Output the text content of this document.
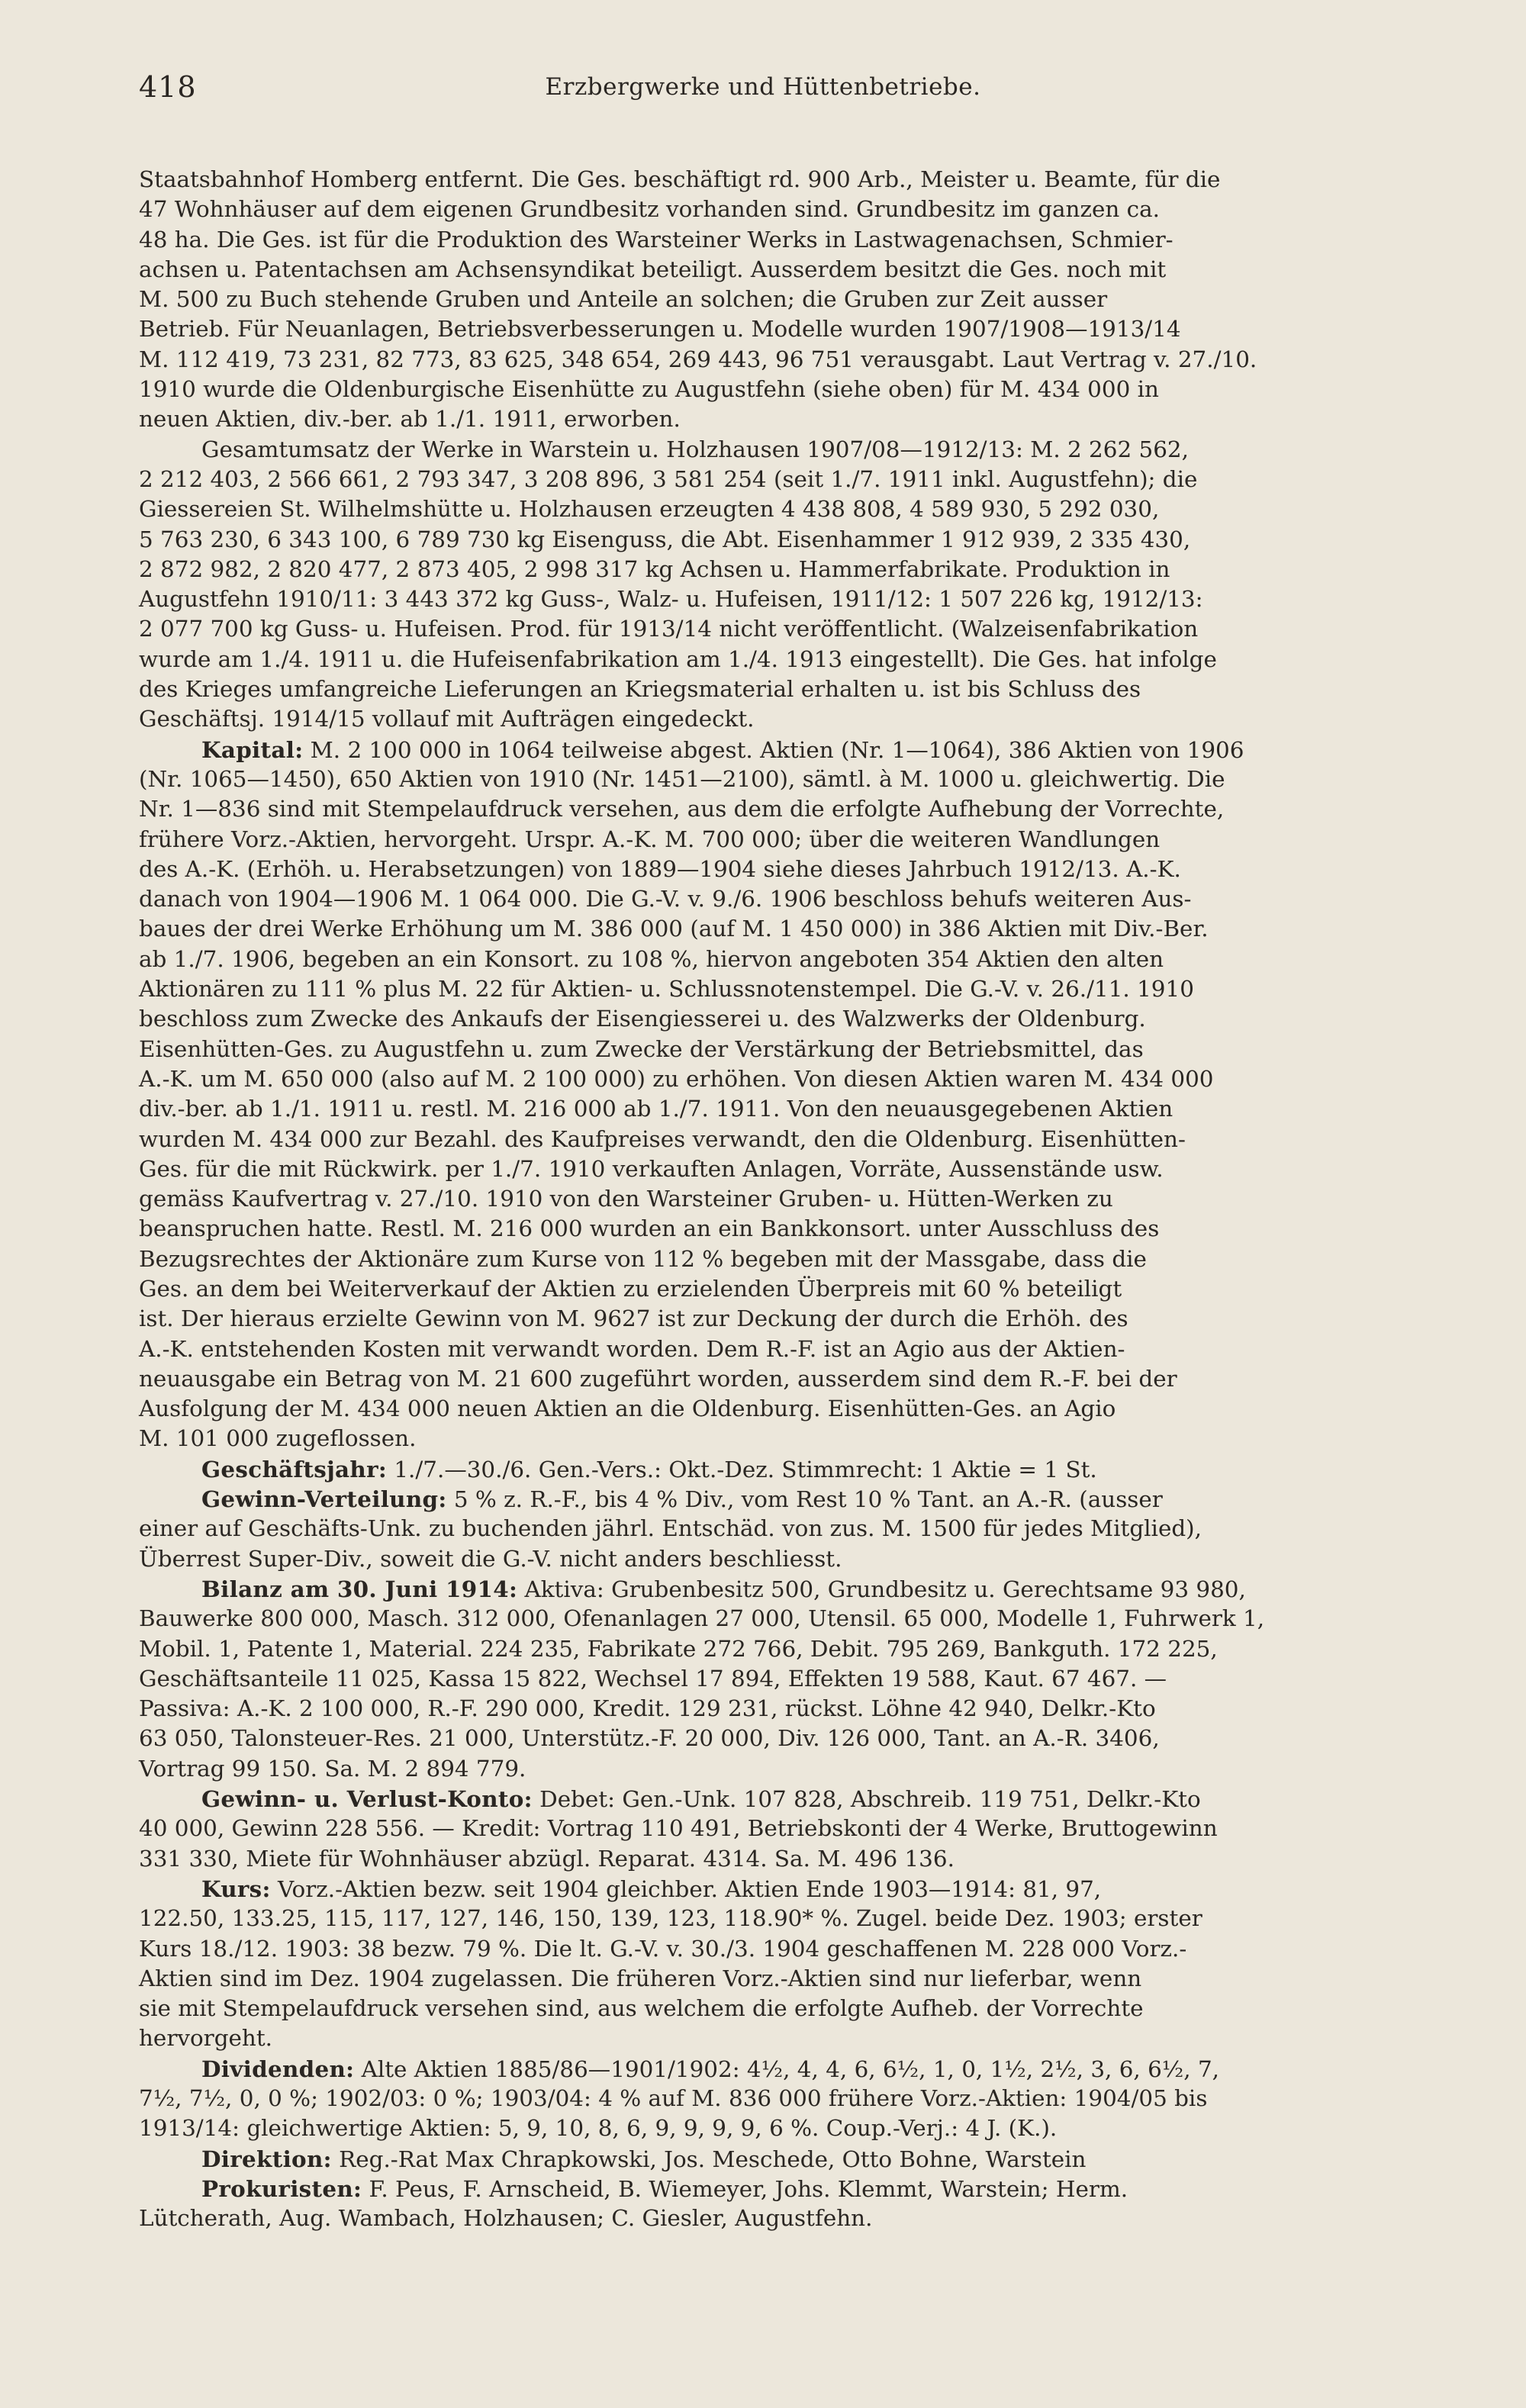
418	Erzbergwerke und Hüttenbetriebe.
Staatsbahnhof Homberg entfernt. Die Ges. beschäftigt rd. 900 Arb., Meister u. Beamte, für die
47 Wohnhäuser auf dem eigenen Grundbesitz vorhanden sind. Grundbesitz im ganzen ca.
48 ha. Die Ges. ist für die Produktion des Warsteiner Werks in Lastwagenachsen, Schmier-
achsen u. Patentachsen am Achsensyndikat beteiligt. Ausserdem besitzt die Ges. noch mit
M. 500 zu Buch stehende Gruben und Anteile an solchen; die Gruben zur Zeit ausser
Betrieb. Für Neuanlagen, Betriebsverbesserungen u. Modelle wurden 1907/1908—1913/14
M. 112 419, 73 231, 82 773, 83 625, 348 654, 269 443, 96 751 verausgabt. Laut Vertrag v. 27./10.
1910 wurde die Oldenburgische Eisenhütte zu Augustfehn (siehe oben) für M. 434 000 in
neuen Aktien, div.-ber. ab 1./1. 1911, erworben.
Gesamtumsatz der Werke in Warstein u. Holzhausen 1907/08—1912/13: M. 2 262 562,
2 212 403, 2 566 661, 2 793 347, 3 208 896, 3 581 254 (seit 1./7. 1911 inkl. Augustfehn); die
Giessereien St. Wilhelmshütte u. Holzhausen erzeugten 4 438 808, 4 589 930, 5 292 030,
5 763 230, 6 343 100, 6 789 730 kg Eisenguss, die Abt. Eisenhammer 1 912 939, 2 335 430,
2 872 982, 2 820 477, 2 873 405, 2 998 317 kg Achsen u. Hammerfabrikate. Produktion in
Augustfehn 1910/11: 3 443 372 kg Guss-, Walz- u. Hufeisen, 1911/12: 1 507 226 kg, 1912/13:
2 077 700 kg Guss- u. Hufeisen. Prod. für 1913/14 nicht veröffentlicht. (Walzeisenfabrikation
wurde am 1./4. 1911 u. die Hufeisenfabrikation am 1./4. 1913 eingestellt). Die Ges. hat infolge
des Krieges umfangreiche Lieferungen an Kriegsmaterial erhalten u. ist bis Schluss des
Geschäftsj. 1914/15 vollauf mit Aufträgen eingedeckt.
Kapital: M. 2 100 000 in 1064 teilweise abgest. Aktien (Nr. 1—1064), 386 Aktien von 1906
(Nr. 1065—1450), 650 Aktien von 1910 (Nr. 1451—2100), sämtl. à M. 1000 u. gleichwertig. Die
Nr. 1—836 sind mit Stempelaufdruck versehen, aus dem die erfolgte Aufhebung der Vorrechte,
frühere Vorz.-Aktien, hervorgeht. Urspr. A.-K. M. 700 000; über die weiteren Wandlungen
des A.-K. (Erhöh. u. Herabsetzungen) von 1889—1904 siehe dieses Jahrbuch 1912/13. A.-K.
danach von 1904—1906 M. 1 064 000. Die G.-V. v. 9./6. 1906 beschloss behufs weiteren Aus-
baues der drei Werke Erhöhung um M. 386 000 (auf M. 1 450 000) in 386 Aktien mit Div.-Ber.
ab 1./7. 1906, begeben an ein Konsort. zu 108 %, hiervon angeboten 354 Aktien den alten
Aktionären zu 111 % plus M. 22 für Aktien- u. Schlussnotenstempel. Die G.-V. v. 26./11. 1910
beschloss zum Zwecke des Ankaufs der Eisengiesserei u. des Walzwerks der Oldenburg.
Eisenhütten-Ges. zu Augustfehn u. zum Zwecke der Verstärkung der Betriebsmittel, das
A.-K. um M. 650 000 (also auf M. 2 100 000) zu erhöhen. Von diesen Aktien waren M. 434 000
div.-ber. ab 1./1. 1911 u. restl. M. 216 000 ab 1./7. 1911. Von den neuausgegebenen Aktien
wurden M. 434 000 zur Bezahl. des Kaufpreises verwandt, den die Oldenburg. Eisenhütten-
Ges. für die mit Rückwirk. per 1./7. 1910 verkauften Anlagen, Vorräte, Aussenstände usw.
gemäss Kaufvertrag v. 27./10. 1910 von den Warsteiner Gruben- u. Hütten-Werken zu
beanspruchen hatte. Restl. M. 216 000 wurden an ein Bankkonsort. unter Ausschluss des
Bezugsrechtes der Aktionäre zum Kurse von 112 % begeben mit der Massgabe, dass die
Ges. an dem bei Weiterverkauf der Aktien zu erzielenden Überpreis mit 60 % beteiligt
ist. Der hieraus erzielte Gewinn von M. 9627 ist zur Deckung der durch die Erhöh. des
A.-K. entstehenden Kosten mit verwandt worden. Dem R.-F. ist an Agio aus der Aktien-
neuausgabe ein Betrag von M. 21 600 zugeführt worden, ausserdem sind dem R.-F. bei der
Ausfolgung der M. 434 000 neuen Aktien an die Oldenburg. Eisenhütten-Ges. an Agio
M. 101 000 zugeflossen.
Geschäftsjahr: 1./7.—30./6. Gen.-Vers.: Okt.-Dez. Stimmrecht: 1 Aktie = 1 St.
Gewinn-Verteilung: 5 % z. R.-F., bis 4 % Div., vom Rest 10 % Tant. an A.-R. (ausser
einer auf Geschäfts-Unk. zu buchenden jährl. Entschäd. von zus. M. 1500 für jedes Mitglied),
Überrest Super-Div., soweit die G.-V. nicht anders beschliesst.
Bilanz am 30. Juni 1914: Aktiva: Grubenbesitz 500, Grundbesitz u. Gerechtsame 93 980,
Bauwerke 800 000, Masch. 312 000, Ofenanlagen 27 000, Utensil. 65 000, Modelle 1, Fuhrwerk 1,
Mobil. 1, Patente 1, Material. 224 235, Fabrikate 272 766, Debit. 795 269, Bankguth. 172 225,
Geschäftsanteile 11 025, Kassa 15 822, Wechsel 17 894, Effekten 19 588, Kaut. 67 467. —
Passiva: A.-K. 2 100 000, R.-F. 290 000, Kredit. 129 231, rückst. Löhne 42 940, Delkr.-Kto
63 050, Talonsteuer-Res. 21 000, Unterstütz.-F. 20 000, Div. 126 000, Tant. an A.-R. 3406,
Vortrag 99 150. Sa. M. 2 894 779.
Gewinn- u. Verlust-Konto: Debet: Gen.-Unk. 107 828, Abschreib. 119 751, Delkr.-Kto
40 000, Gewinn 228 556. — Kredit: Vortrag 110 491, Betriebskonti der 4 Werke, Bruttogewinn
331 330, Miete für Wohnhäuser abzügl. Reparat. 4314. Sa. M. 496 136.
Kurs: Vorz.-Aktien bezw. seit 1904 gleichber. Aktien Ende 1903—1914: 81, 97,
122.50, 133.25, 115, 117, 127, 146, 150, 139, 123, 118.90* %. Zugel. beide Dez. 1903; erster
Kurs 18./12. 1903: 38 bezw. 79 %. Die lt. G.-V. v. 30./3. 1904 geschaffenen M. 228 000 Vorz.-
Aktien sind im Dez. 1904 zugelassen. Die früheren Vorz.-Aktien sind nur lieferbar, wenn
sie mit Stempelaufdruck versehen sind, aus welchem die erfolgte Aufheb. der Vorrechte
hervorgeht.
Dividenden: Alte Aktien 1885/86—1901/1902: 4½, 4, 4, 6, 6½, 1, 0, 1½, 2½, 3, 6, 6½, 7,
7½, 7½, 0, 0 %; 1902/03: 0 %; 1903/04: 4 % auf M. 836 000 frühere Vorz.-Aktien: 1904/05 bis
1913/14: gleichwertige Aktien: 5, 9, 10, 8, 6, 9, 9, 9, 9, 6 %. Coup.-Verj.: 4 J. (K.).
Direktion: Reg.-Rat Max Chrapkowski, Jos. Meschede, Otto Bohne, Warstein
Prokuristen: F. Peus, F. Arnscheid, B. Wiemeyer, Johs. Klemmt, Warstein; Herm.
Lütcherath, Aug. Wambach, Holzhausen; C. Giesler, Augustfehn.
